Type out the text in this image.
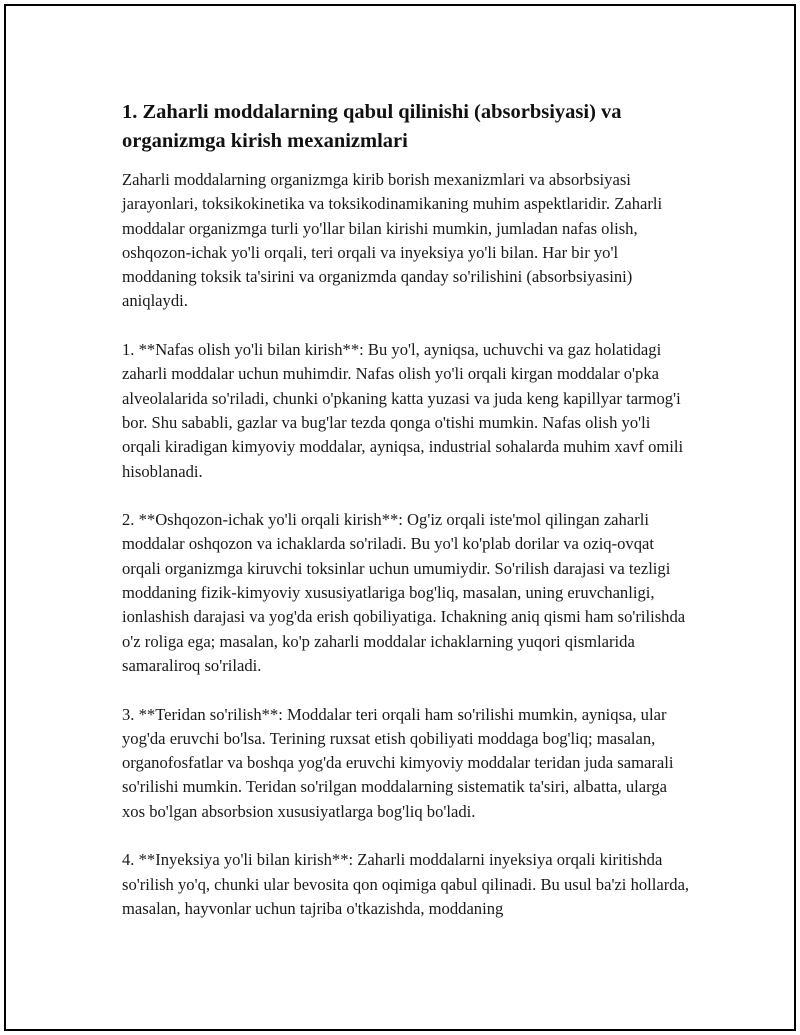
1. Zaharli moddalarning qabul qilinishi (absorbsiyasi) va organizmga kirish mexanizmlari

Zaharli moddalarning organizmga kirib borish mexanizmlari va absorbsiyasi jarayonlari, toksikokinetika va toksikodinamikaning muhim aspektlaridir. Zaharli moddalar organizmga turli yo'llar bilan kirishi mumkin, jumladan nafas olish, oshqozon-ichak yo'li orqali, teri orqali va inyeksiya yo'li bilan. Har bir yo'l moddaning toksik ta'sirini va organizmda qanday so'rilishini (absorbsiyasini) aniqlaydi.

1. **Nafas olish yo'li bilan kirish**: Bu yo'l, ayniqsa, uchuvchi va gaz holatidagi zaharli moddalar uchun muhimdir. Nafas olish yo'li orqali kirgan moddalar o'pka alveolalarida so'riladi, chunki o'pkaning katta yuzasi va juda keng kapillyar tarmog'i bor. Shu sababli, gazlar va bug'lar tezda qonga o'tishi mumkin. Nafas olish yo'li orqali kiradigan kimyoviy moddalar, ayniqsa, industrial sohalarda muhim xavf omili hisoblanadi.

2. **Oshqozon-ichak yo'li orqali kirish**: Og'iz orqali iste'mol qilingan zaharli moddalar oshqozon va ichaklarda so'riladi. Bu yo'l ko'plab dorilar va oziq-ovqat orqali organizmga kiruvchi toksinlar uchun umumiydir. So'rilish darajasi va tezligi moddaning fizik-kimyoviy xususiyatlariga bog'liq, masalan, uning eruvchanligi, ionlashish darajasi va yog'da erish qobiliyatiga. Ichakning aniq qismi ham so'rilishda o'z roliga ega; masalan, ko'p zaharli moddalar ichaklarning yuqori qismlarida samaraliroq so'riladi.

3. **Teridan so'rilish**: Moddalar teri orqali ham so'rilishi mumkin, ayniqsa, ular yog'da eruvchi bo'lsa. Terining ruxsat etish qobiliyati moddaga bog'liq; masalan, organofosfatlar va boshqa yog'da eruvchi kimyoviy moddalar teridan juda samarali so'rilishi mumkin. Teridan so'rilgan moddalarning sistematik ta'siri, albatta, ularga xos bo'lgan absorbsion xususiyatlarga bog'liq bo'ladi.

4. **Inyeksiya yo'li bilan kirish**: Zaharli moddalarni inyeksiya orqali kiritishda so'rilish yo'q, chunki ular bevosita qon oqimiga qabul qilinadi. Bu usul ba'zi hollarda, masalan, hayvonlar uchun tajriba o'tkazishda, moddaning
